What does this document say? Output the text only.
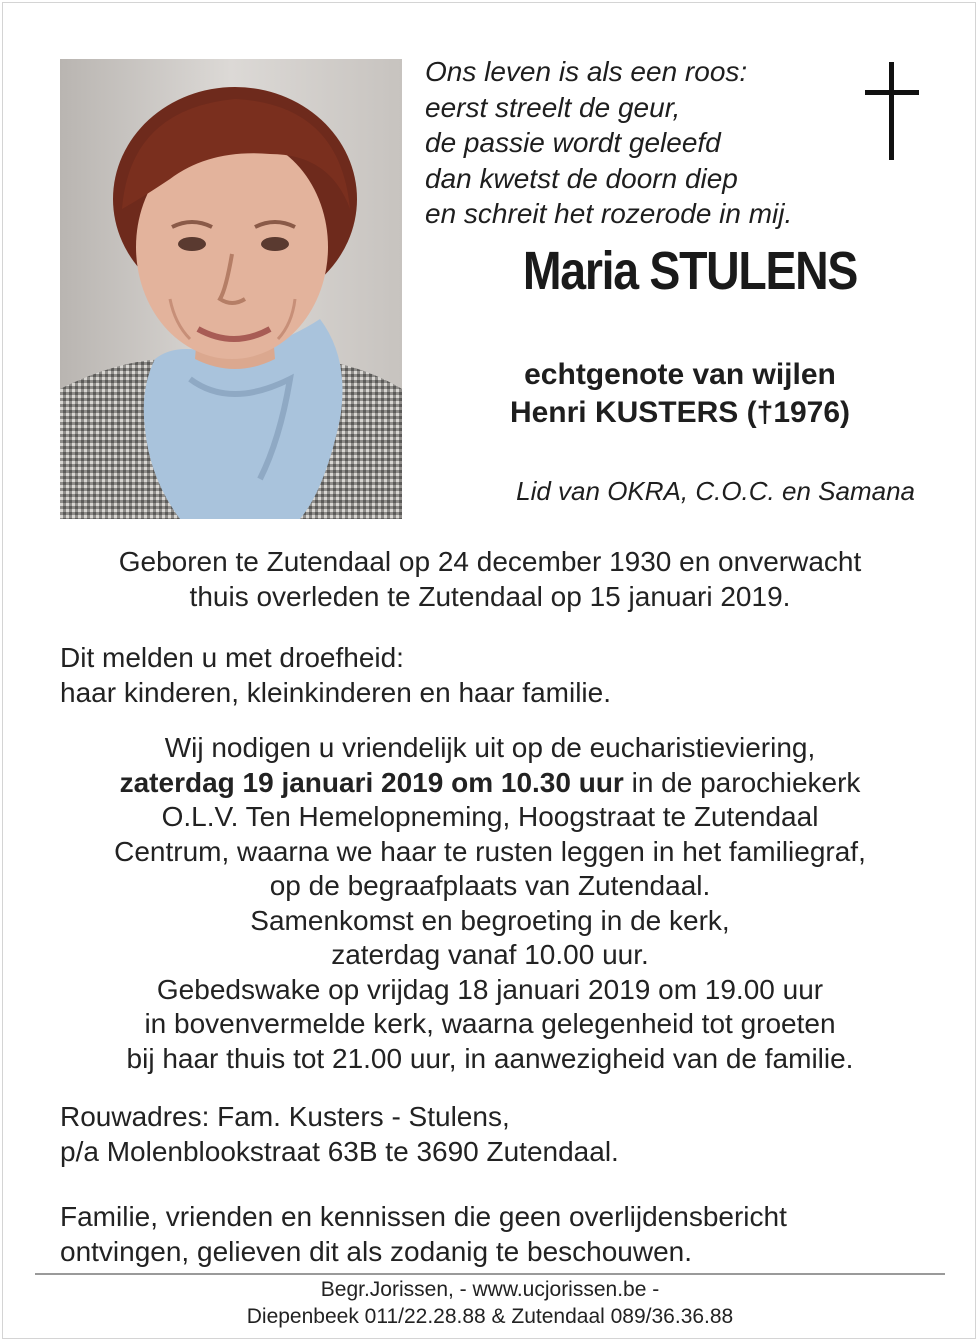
Ons leven is als een roos:
eerst streelt de geur,
de passie wordt geleefd
dan kwetst de doorn diep
en schreit het rozerode in mij.
Maria STULENS
echtgenote van wijlen
Henri KUSTERS (†1976)
Lid van OKRA, C.O.C. en Samana
Geboren te Zutendaal op 24 december 1930 en onverwacht
thuis overleden te Zutendaal op 15 januari 2019.
Dit melden u met droefheid:
haar kinderen, kleinkinderen en haar familie.
Wij nodigen u vriendelijk uit op de eucharistieviering,
zaterdag 19 januari 2019 om 10.30 uur in de parochiekerk
O.L.V. Ten Hemelopneming, Hoogstraat te Zutendaal
Centrum, waarna we haar te rusten leggen in het familiegraf,
op de begraafplaats van Zutendaal.
Samenkomst en begroeting in de kerk,
zaterdag vanaf 10.00 uur.
Gebedswake op vrijdag 18 januari 2019 om 19.00 uur
in bovenvermelde kerk, waarna gelegenheid tot groeten
bij haar thuis tot 21.00 uur, in aanwezigheid van de familie.
Rouwadres: Fam. Kusters - Stulens,
p/a Molenblookstraat 63B te 3690 Zutendaal.
Familie, vrienden en kennissen die geen overlijdensbericht
ontvingen, gelieven dit als zodanig te beschouwen.
Begr.Jorissen, - www.ucjorissen.be -
Diepenbeek 011/22.28.88 & Zutendaal 089/36.36.88
